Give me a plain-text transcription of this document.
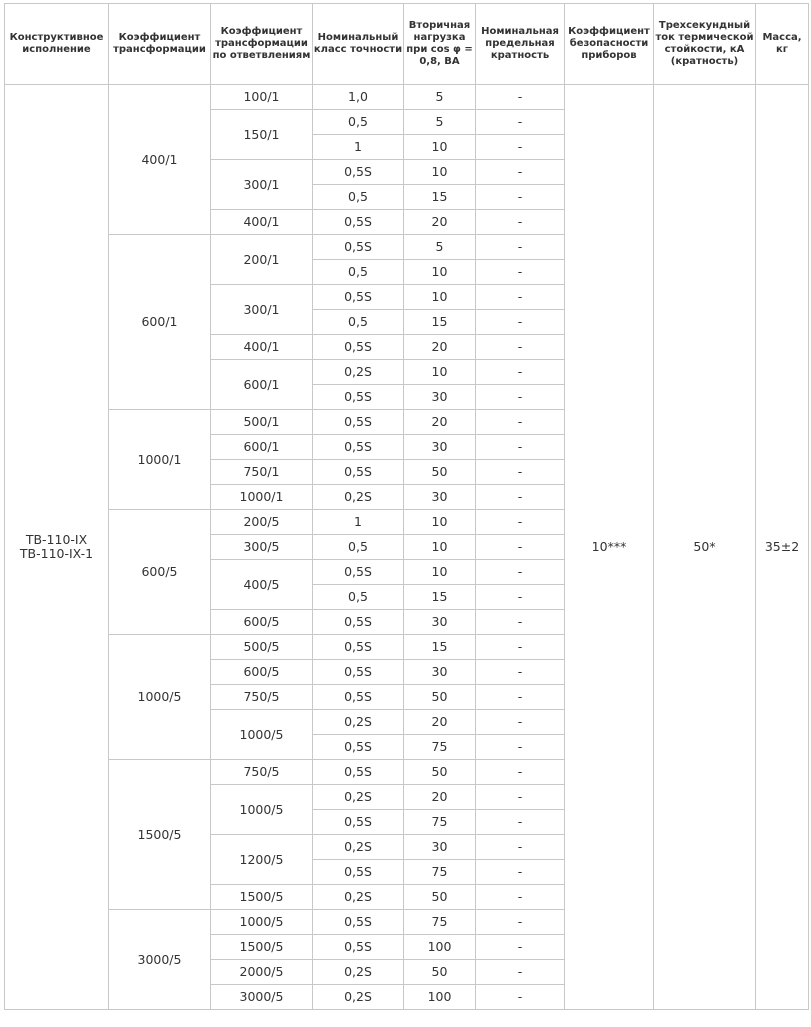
Конструктивное исполнение	Коэффициент трансформации	Коэффициент трансформации по ответвлениям	Номинальный класс точности	Вторичная нагрузка при cos φ = 0,8, ВА	Номинальная предельная кратность	Коэффициент безопасности приборов	Трехсекундный ток термической стойкости, кА (кратность)	Масса, кг
ТВ-110-IX ТВ-110-IX-1	400/1	100/1	1,0	5	-	10***	50*	35±2
		150/1	0,5	5	-			
			1	10	-			
		300/1	0,5S	10	-			
			0,5	15	-			
		400/1	0,5S	20	-			
	600/1	200/1	0,5S	5	-			
			0,5	10	-			
		300/1	0,5S	10	-			
			0,5	15	-			
		400/1	0,5S	20	-			
		600/1	0,2S	10	-			
			0,5S	30	-			
	1000/1	500/1	0,5S	20	-			
		600/1	0,5S	30	-			
		750/1	0,5S	50	-			
		1000/1	0,2S	30	-			
	600/5	200/5	1	10	-			
		300/5	0,5	10	-			
		400/5	0,5S	10	-			
			0,5	15	-			
		600/5	0,5S	30	-			
	1000/5	500/5	0,5S	15	-			
		600/5	0,5S	30	-			
		750/5	0,5S	50	-			
		1000/5	0,2S	20	-			
			0,5S	75	-			
	1500/5	750/5	0,5S	50	-			
		1000/5	0,2S	20	-			
			0,5S	75	-			
		1200/5	0,2S	30	-			
			0,5S	75	-			
		1500/5	0,2S	50	-			
	3000/5	1000/5	0,5S	75	-			
		1500/5	0,5S	100	-			
		2000/5	0,2S	50	-			
		3000/5	0,2S	100	-			
